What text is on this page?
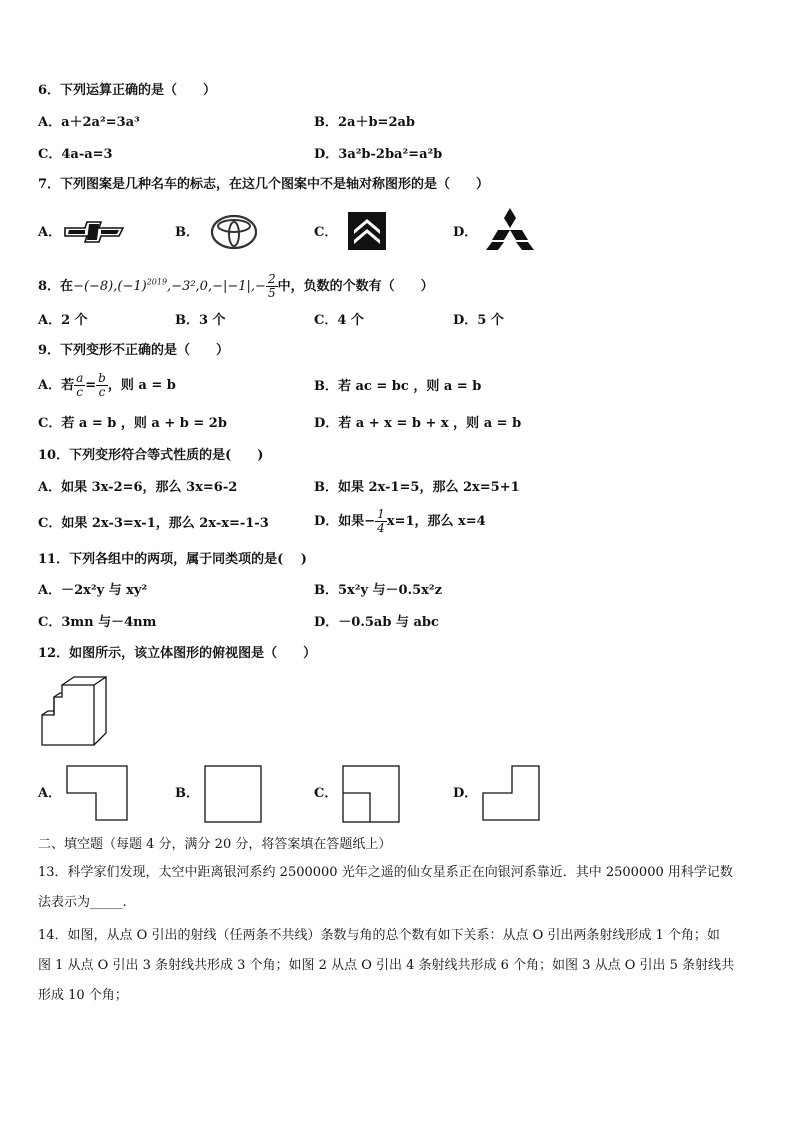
6．下列运算正确的是（　　）
A．a＋2a²=3a³	B．2a＋b=2ab
C．4a-a=3	D．3a²b-2ba²=a²b
7．下列图案是几种名车的标志，在这几个图案中不是轴对称图形的是（　　）
A．	B．	C．	D．
8．在$-(-8),(-1)^{2019},-3^2,0,-|-1|,- \frac{2}{5}$ 中，负数的个数有（　　）
A．2 个	B．3 个	C．4 个	D．5 个
9．下列变形不正确的是（　　）
A．若 $\frac{a}{c} = \frac{b}{c}$ ，则 a = b	B．若 ac = bc ，则 a = b
C．若 a = b ，则 a + b = 2b	D．若 a + x = b + x ，则 a = b
10．下列变形符合等式性质的是(　　)
A．如果 3x-2=6，那么 3x=6-2	B．如果 2x-1=5，那么 2x=5+1
C．如果 2x-3=x-1，那么 2x-x=-1-3	D．如果− $\frac{1}{4} x=1$，那么 x=4
11．下列各组中的两项，属于同类项的是(　 )
A．－2x²y 与 xy²	B．5x²y 与－0.5x²z
C．3mn 与－4nm	D．－0.5ab 与 abc
12．如图所示，该立体图形的俯视图是（　　）
A．	B．	C．	D．
二、填空题（每题 4 分，满分 20 分，将答案填在答题纸上）
13．科学家们发现，太空中距离银河系约 2500000 光年之遥的仙女星系正在向银河系靠近．其中 2500000 用科学记数
法表示为_____.
14．如图，从点 O 引出的射线（任两条不共线）条数与角的总个数有如下关系：从点 O 引出两条射线形成 1 个角；如
图 1 从点 O 引出 3 条射线共形成 3 个角；如图 2 从点 O 引出 4 条射线共形成 6 个角；如图 3 从点 O 引出 5 条射线共
形成 10 个角；
